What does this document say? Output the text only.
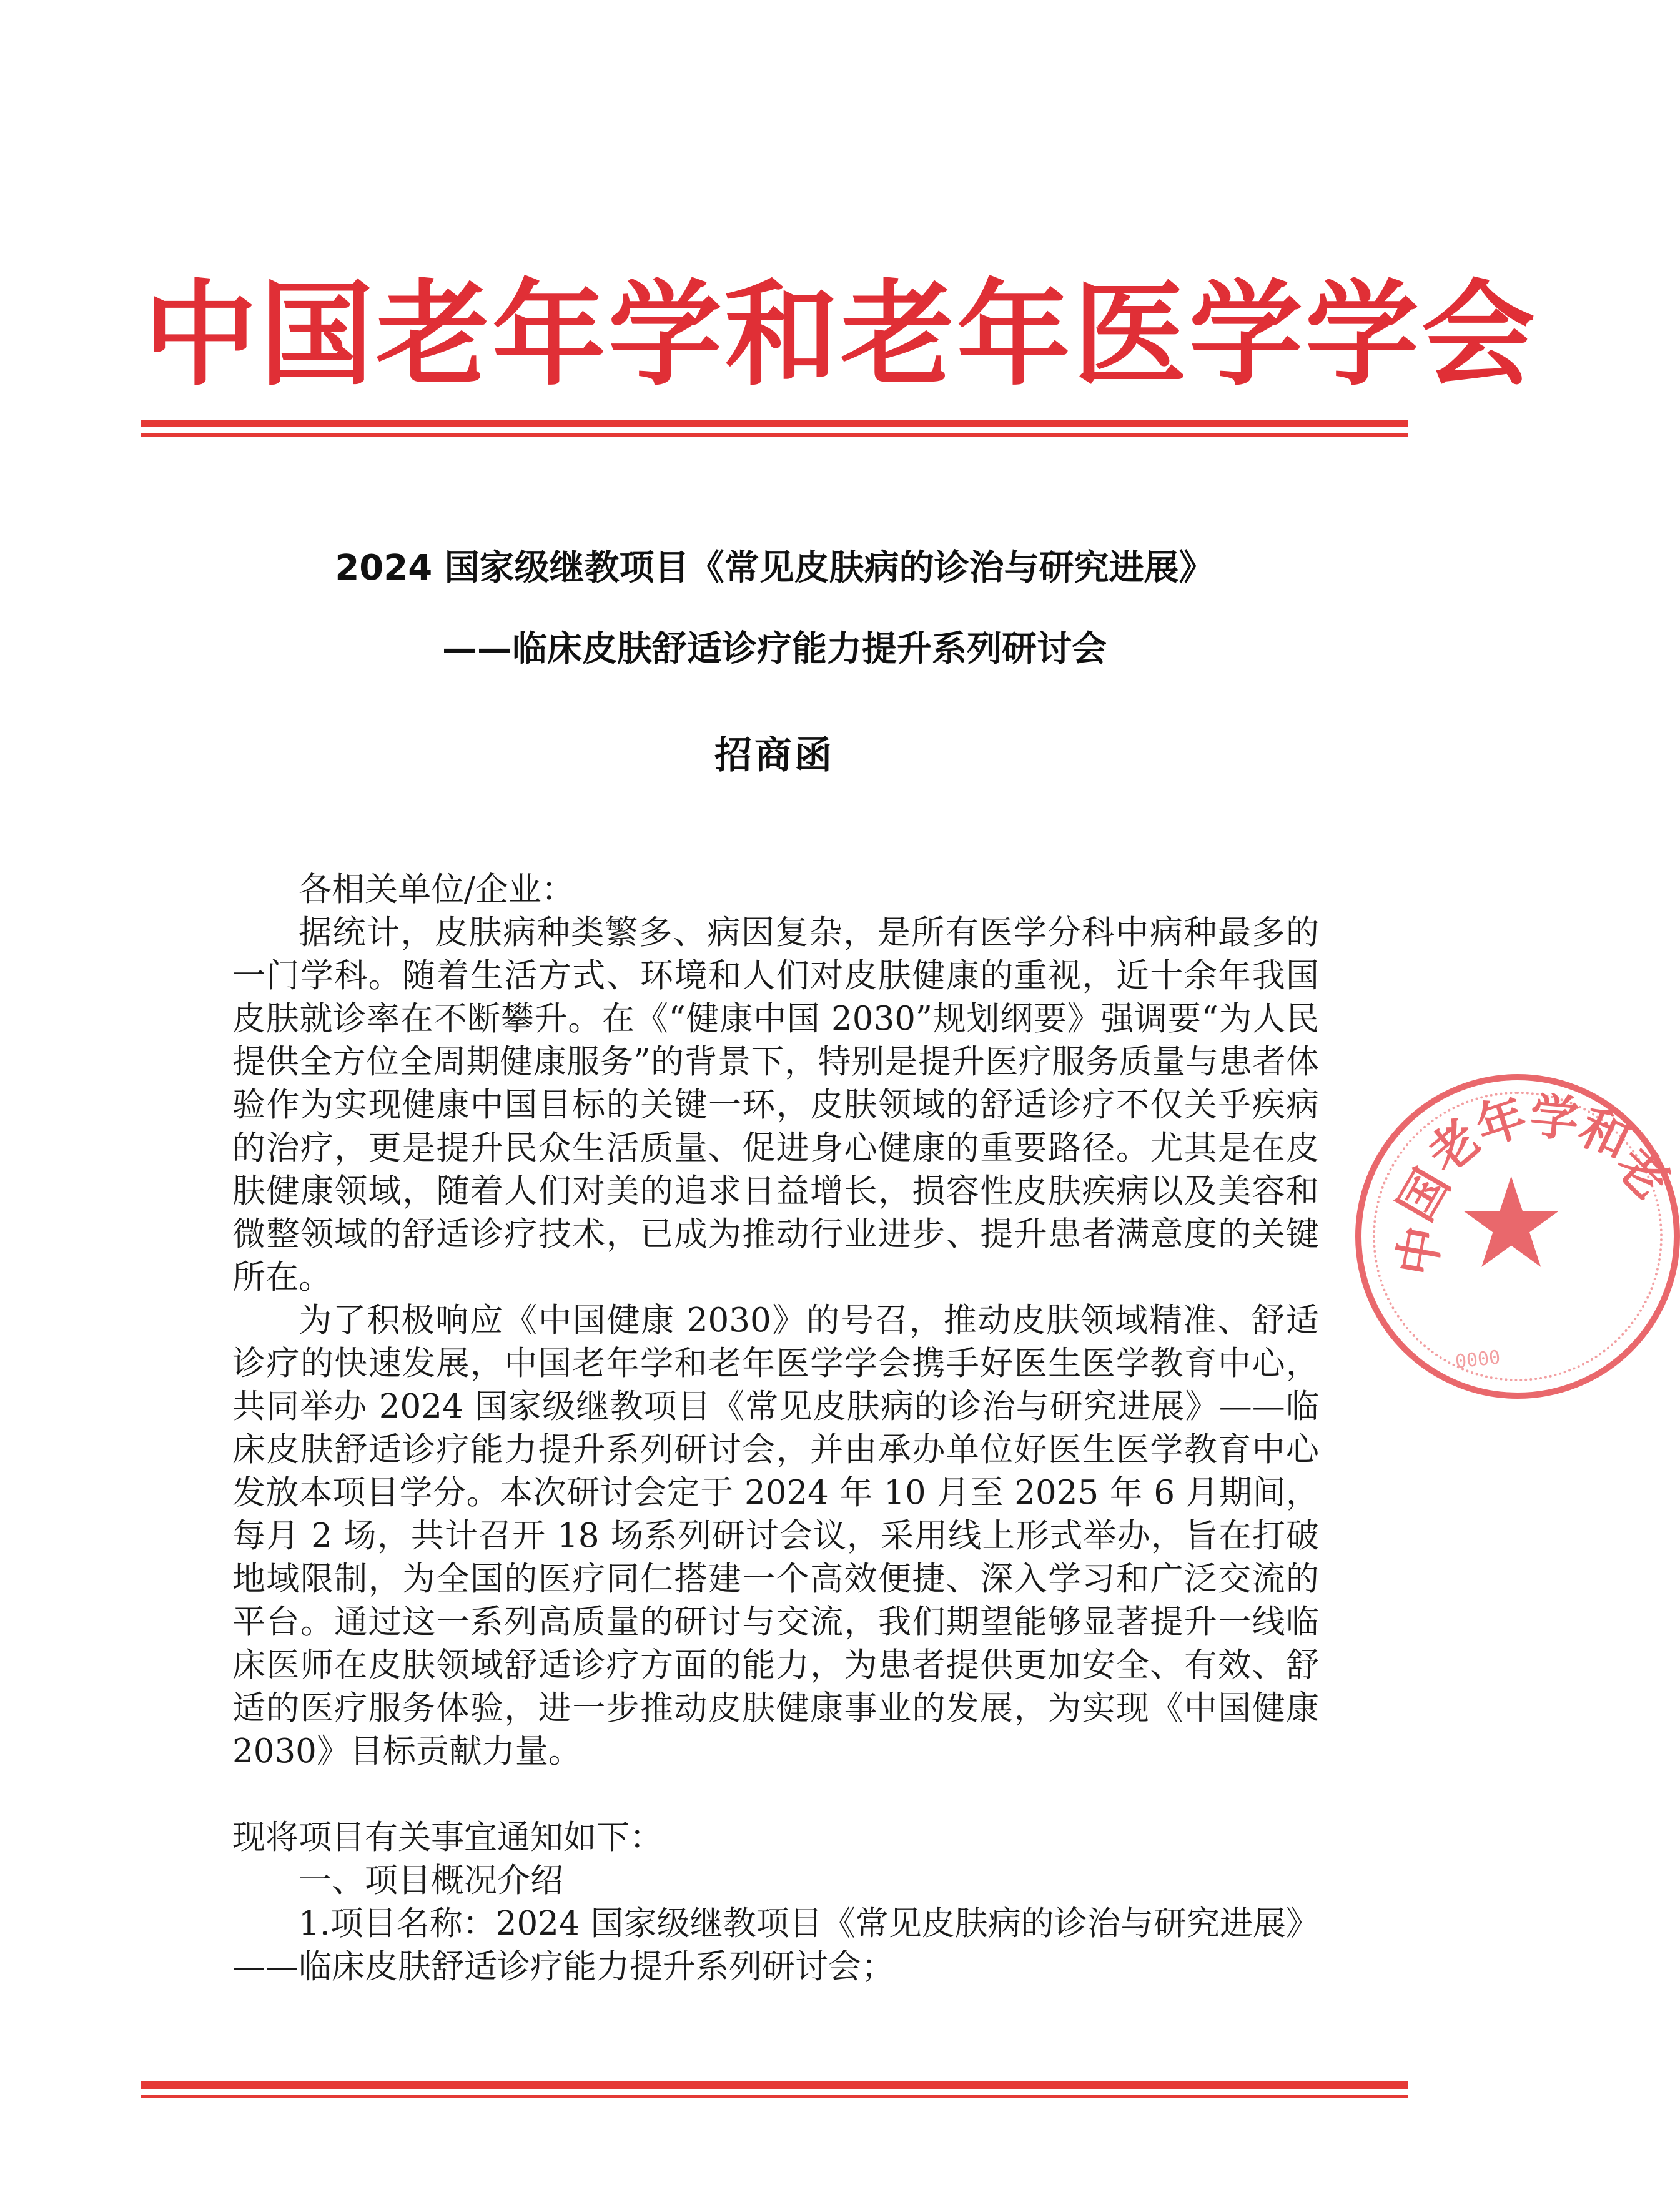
中国老年学和老年医学学会
2024 国家级继教项目《常见皮肤病的诊治与研究进展》
——临床皮肤舒适诊疗能力提升系列研讨会
招商函

各相关单位/企业：

据统计，皮肤病种类繁多、病因复杂，是所有医学分科中病种最多的一门学科。随着生活方式、环境和人们对皮肤健康的重视，近十余年我国皮肤就诊率在不断攀升。在《“健康中国 2030”规划纲要》强调要“为人民提供全方位全周期健康服务”的背景下，特别是提升医疗服务质量与患者体验作为实现健康中国目标的关键一环，皮肤领域的舒适诊疗不仅关乎疾病的治疗，更是提升民众生活质量、促进身心健康的重要路径。尤其是在皮肤健康领域，随着人们对美的追求日益增长，损容性皮肤疾病以及美容和微整领域的舒适诊疗技术，已成为推动行业进步、提升患者满意度的关键所在。

为了积极响应《中国健康 2030》的号召，推动皮肤领域精准、舒适诊疗的快速发展，中国老年学和老年医学学会携手好医生医学教育中心，共同举办 2024 国家级继教项目《常见皮肤病的诊治与研究进展》——临床皮肤舒适诊疗能力提升系列研讨会，并由承办单位好医生医学教育中心发放本项目学分。本次研讨会定于 2024 年 10 月至 2025 年 6 月期间，每月 2 场，共计召开 18 场系列研讨会议，采用线上形式举办，旨在打破地域限制，为全国的医疗同仁搭建一个高效便捷、深入学习和广泛交流的平台。通过这一系列高质量的研讨与交流，我们期望能够显著提升一线临床医师在皮肤领域舒适诊疗方面的能力，为患者提供更加安全、有效、舒适的医疗服务体验，进一步推动皮肤健康事业的发展，为实现《中国健康 2030》目标贡献力量。

现将项目有关事宜通知如下：

一、项目概况介绍

1.项目名称：2024 国家级继教项目《常见皮肤病的诊治与研究进展》——临床皮肤舒适诊疗能力提升系列研讨会；

★
中
国
老
年
学
和
老
0000
